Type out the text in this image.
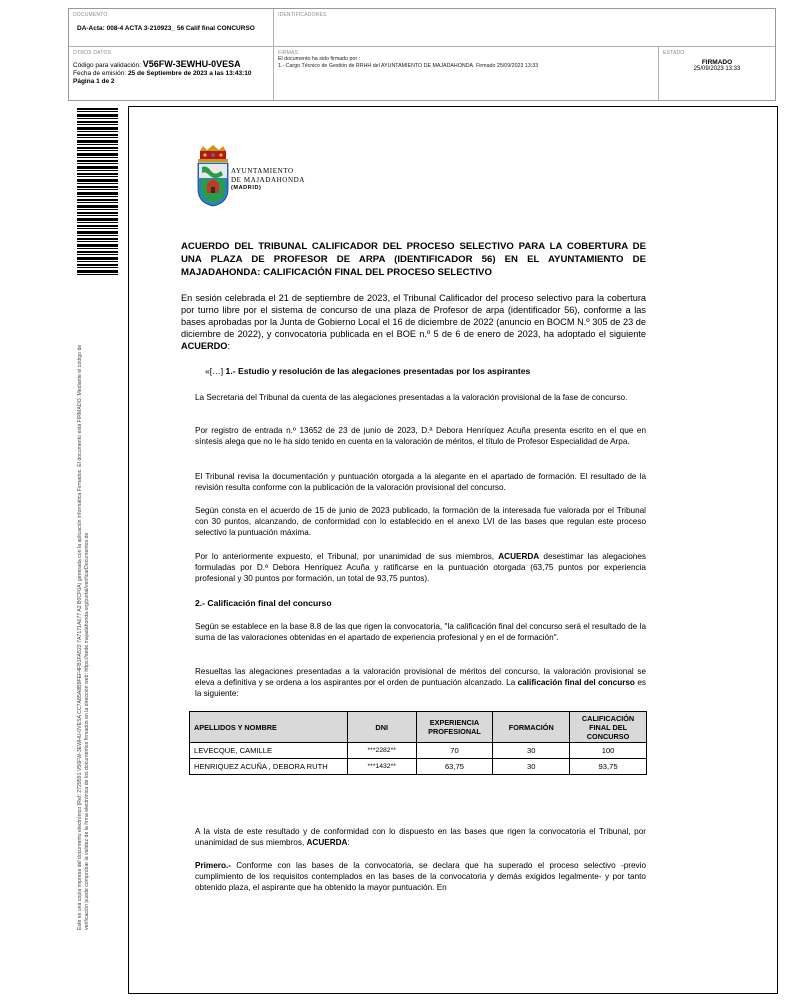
DOCUMENTO
DA-Acta: 008-4 ACTA 3-210923_ 56 Calif final CONCURSO
IDENTIFICADORES
OTROS DATOS
Código para validación: V56FW-3EWHU-0VESA
Fecha de emisión: 25 de Septiembre de 2023 a las 13:43:10
Página 1 de 2
FIRMAS
El documento ha sido firmado por :
1.- Cargo Técnico de Gestión de RRHH del AYUNTAMIENTO DE MAJADAHONDA. Firmado 25/09/2023 13:33
ESTADO
FIRMADO
25/09/2023 13:33
Este es una copia impresa del documento electrónico (Ref: 2729591 V56FW-3EWHU-0VESA CC7A85A8B9FEF4FB1FA522 7A7171A677 A2 B0CF0A) generada con la aplicación informática Firmadoc. El documento está FIRMADO. Mediante el código de verificación puede comprobar la validez de la firma electrónica de los documentos firmados en la dirección web: https://sede.majadahonda.org/portal/verificarDocumentos.do
AYUNTAMIENTO
DE MAJADAHONDA
(MADRID)
ACUERDO DEL TRIBUNAL CALIFICADOR DEL PROCESO SELECTIVO PARA LA COBERTURA DE UNA PLAZA DE PROFESOR DE ARPA (IDENTIFICADOR 56) EN EL AYUNTAMIENTO DE MAJADAHONDA: CALIFICACIÓN FINAL DEL PROCESO SELECTIVO
En sesión celebrada el 21 de septiembre de 2023, el Tribunal Calificador del proceso selectivo para la cobertura por turno libre por el sistema de concurso de una plaza de Profesor de arpa (identificador 56), conforme a las bases aprobadas por la Junta de Gobierno Local el 16 de diciembre de 2022 (anuncio en BOCM N.º 305 de 23 de diciembre de 2022), y convocatoria publicada en el BOE n.º 5 de 6 de enero de 2023, ha adoptado el siguiente ACUERDO:
«[…] 1.- Estudio y resolución de las alegaciones presentadas por los aspirantes
La Secretaria del Tribunal da cuenta de las alegaciones presentadas a la valoración provisional de la fase de concurso.
Por registro de entrada n.º 13652 de 23 de junio de 2023, D.ª Debora Henríquez Acuña presenta escrito en el que en síntesis alega que no le ha sido tenido en cuenta en la valoración de méritos, el título de Profesor Especialidad de Arpa.
El Tribunal revisa la documentación y puntuación otorgada a la alegante en el apartado de formación. El resultado de la revisión resulta conforme con la publicación de la valoración provisional del concurso.
Según consta en el acuerdo de 15 de junio de 2023 publicado, la formación de la interesada fue valorada por el Tribunal con 30 puntos, alcanzando, de conformidad con lo establecido en el anexo LVI de las bases que regulan este proceso selectivo la puntuación máxima.
Por lo anteriormente expuesto, el Tribunal, por unanimidad de sus miembros, ACUERDA desestimar las alegaciones formuladas por D.ª Debora Henríquez Acuña y ratificarse en la puntuación otorgada (63,75 puntos por experiencia profesional y 30 puntos por formación, un total de 93,75 puntos).
2.- Calificación final del concurso
Según se establece en la base 8.8 de las que rigen la convocatoria, "la calificación final del concurso será el resultado de la suma de las valoraciones obtenidas en el apartado de experiencia profesional y en el de formación".
Resueltas las alegaciones presentadas a la valoración provisional de méritos del concurso, la valoración provisional se eleva a definitiva y se ordena a los aspirantes por el orden de puntuación alcanzado. La calificación final del concurso es la siguiente:
APELLIDOS Y NOMBRE	DNI	EXPERIENCIA PROFESIONAL	FORMACIÓN	CALIFICACIÓN FINAL DEL CONCURSO
LEVECQUE, CAMILLE	***2282**	70	30	100
HENRIQUEZ ACUÑA , DEBORA RUTH	***1432**	63,75	30	93,75
A la vista de este resultado y de conformidad con lo dispuesto en las bases que rigen la convocatoria el Tribunal, por unanimidad de sus miembros, ACUERDA:
Primero.- Conforme con las bases de la convocatoria, se declara que ha superado el proceso selectivo -previo cumplimiento de los requisitos contemplados en las bases de la convocatoria y demás exigidos legalmente- y por tanto obtenido plaza, el aspirante que ha obtenido la mayor puntuación. En
